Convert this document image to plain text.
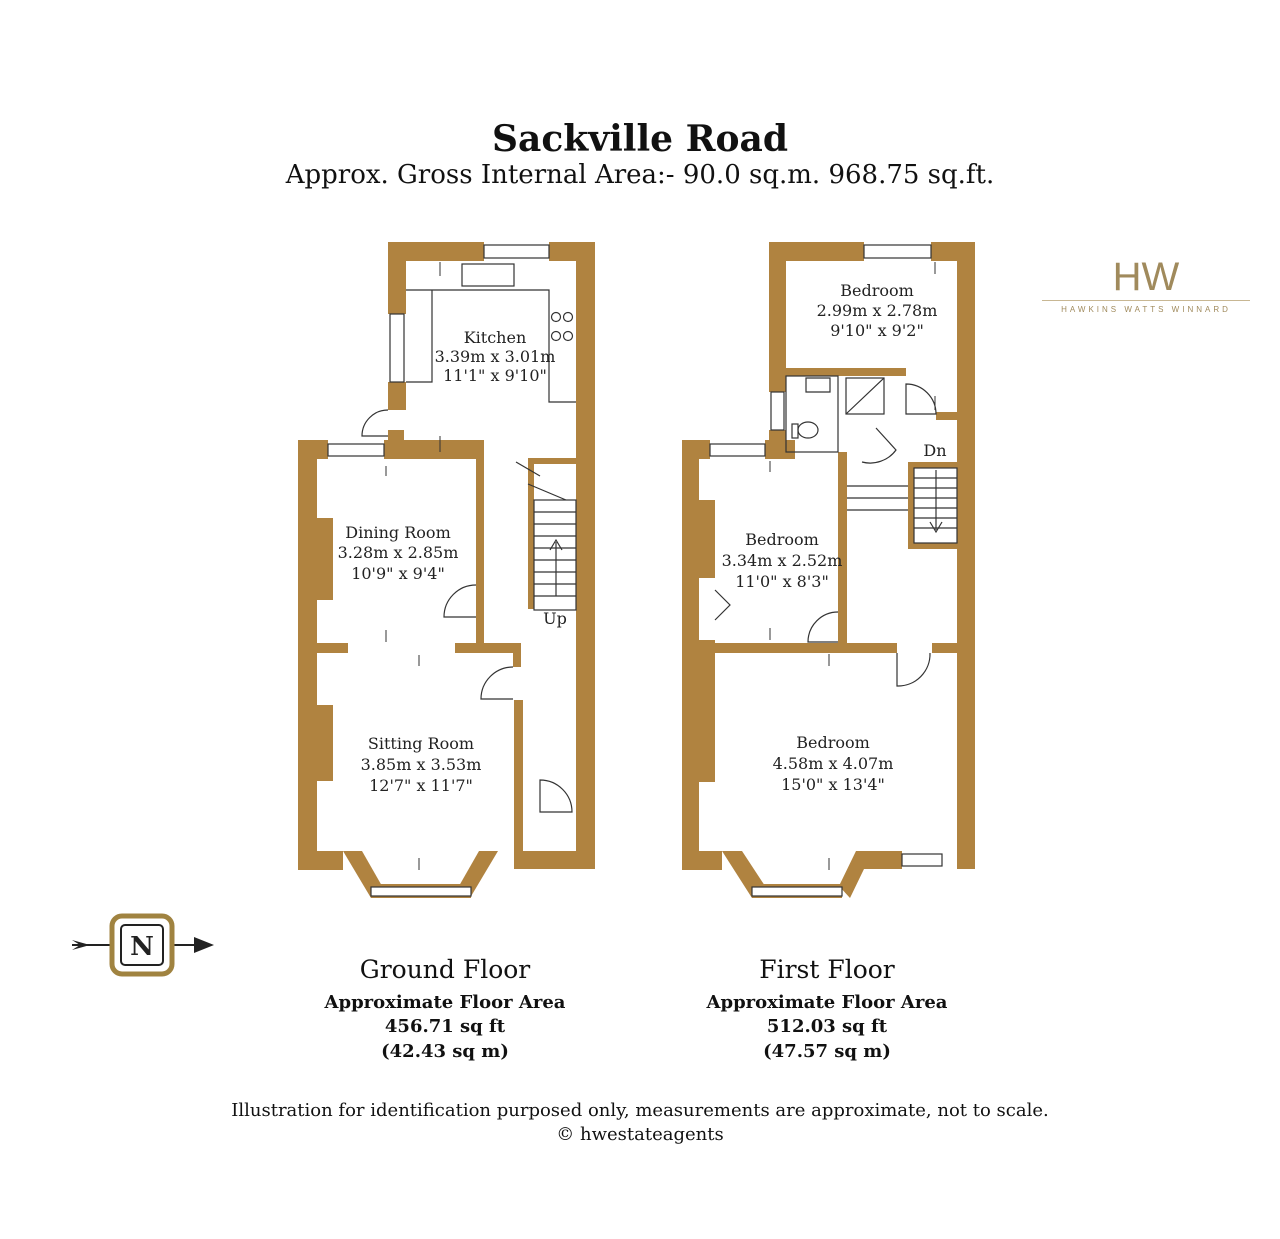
Sackville Road
Approx. Gross Internal Area:- 90.0 sq.m. 968.75 sq.ft.
HW
HAWKINS WATTS WINNARD
Kitchen
3.39m x 3.01m
11'1" x 9'10"
Dining Room
3.28m x 2.85m
10'9" x 9'4"
Sitting Room
3.85m x 3.53m
12'7" x 11'7"
Up
Bedroom
2.99m x 2.78m
9'10" x 9'2"
Bedroom
3.34m x 2.52m
11'0" x 8'3"
Bedroom
4.58m x 4.07m
15'0" x 13'4"
Dn
N
Ground Floor
Approximate Floor Area
456.71 sq ft
(42.43 sq m)
First Floor
Approximate Floor Area
512.03 sq ft
(47.57 sq m)
Illustration for identification purposed only, measurements are approximate, not to scale.
© hwestateagents
